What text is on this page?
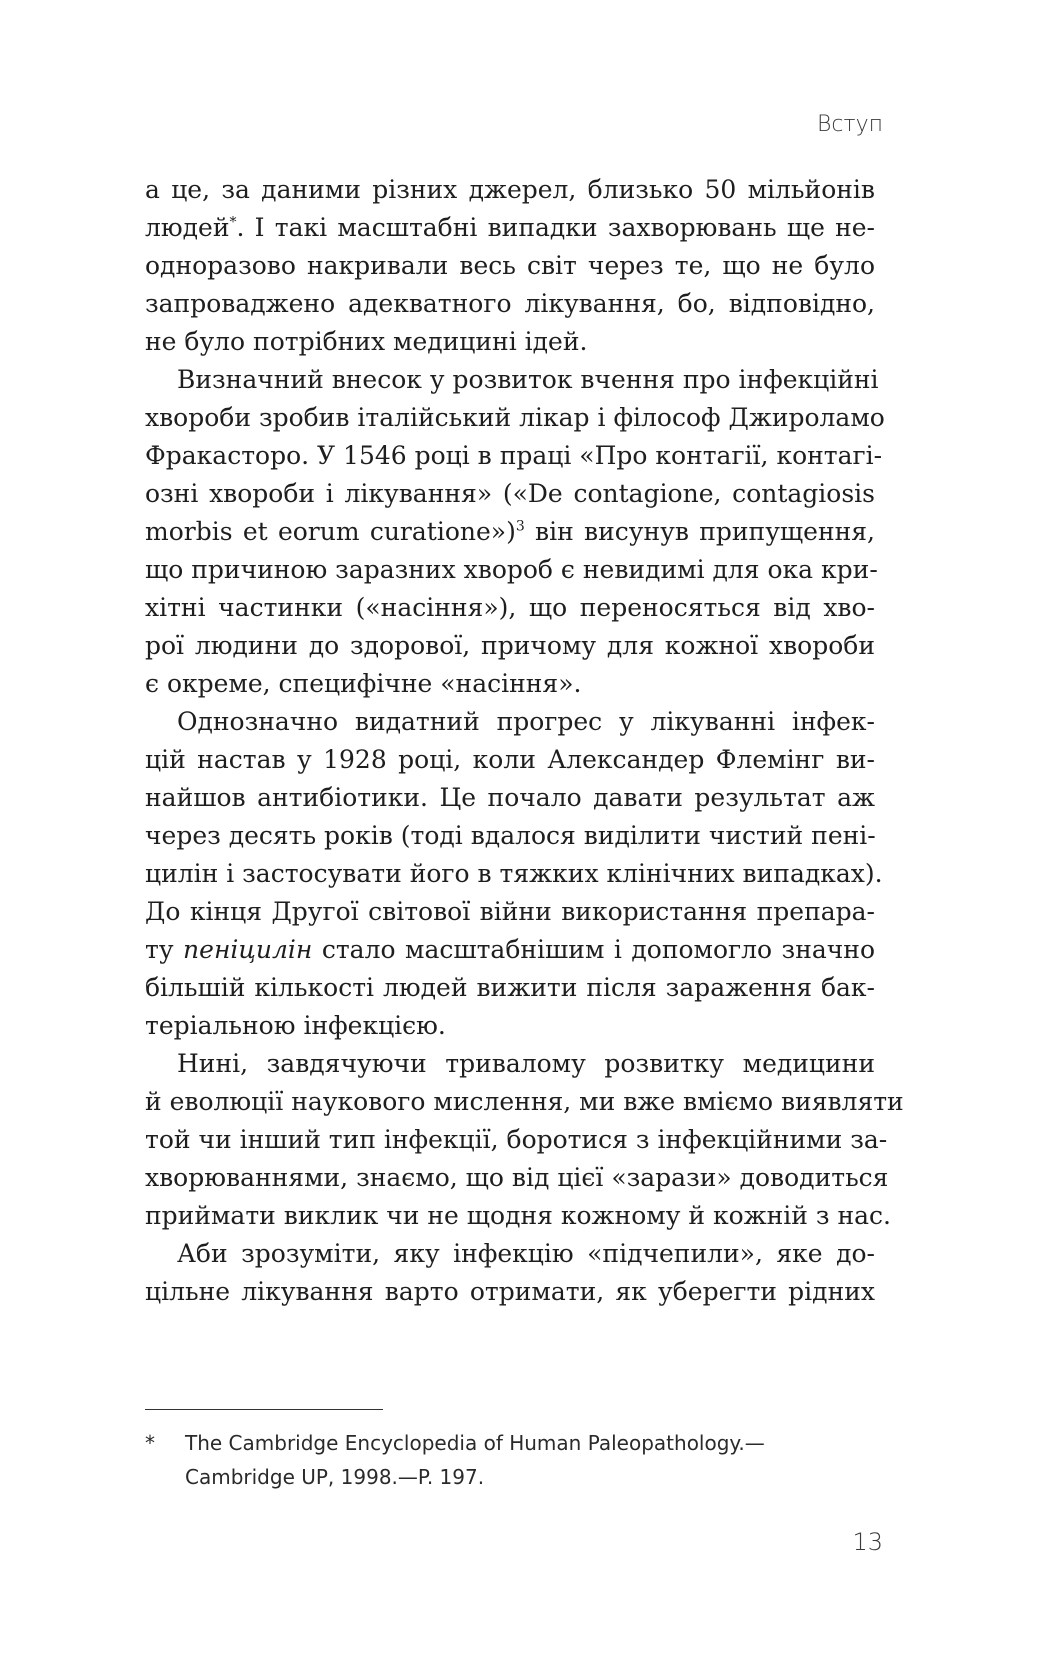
Вступ
а це, за даними різних джерел, близько 50 мільйонів
людей*. І такі масштабні випадки захворювань ще не-
одноразово накривали весь світ через те, що не було
запроваджено адекватного лікування, бо, відповідно,
не було потрібних медицині ідей.
Визначний внесок у розвиток вчення про інфекційні
хвороби зробив італійський лікар і філософ Джироламо
Фракасторо. У 1546 році в праці «Про контагії, контагі-
озні хвороби і лікування» («De contagione, contagiosis
morbis et eorum curatione»)$^3$ він висунув припущення,
що причиною заразних хвороб є невидимі для ока кри-
хітні частинки («насіння»), що переносяться від хво-
рої людини до здорової, причому для кожної хвороби
є окреме, специфічне «насіння».
Однозначно видатний прогрес у лікуванні інфек-
цій настав у 1928 році, коли Александер Флемінг ви-
найшов антибіотики. Це почало давати результат аж
через десять років (тоді вдалося виділити чистий пені-
цилін і застосувати його в тяжких клінічних випадках).
До кінця Другої світової війни використання препара-
ту пеніцилін стало масштабнішим і допомогло значно
більшій кількості людей вижити після зараження бак-
теріальною інфекцією.
Нині, завдячуючи тривалому розвитку медицини
й еволюції наукового мислення, ми вже вміємо виявляти
той чи інший тип інфекції, боротися з інфекційними за-
хворюваннями, знаємо, що від цієї «зарази» доводиться
приймати виклик чи не щодня кожному й кожній з нас.
Аби зрозуміти, яку інфекцію «підчепили», яке до-
цільне лікування варто отримати, як уберегти рідних
*	The Cambridge Encyclopedia of Human Paleopathology.—
Cambridge UP, 1998.—P. 197.
13
